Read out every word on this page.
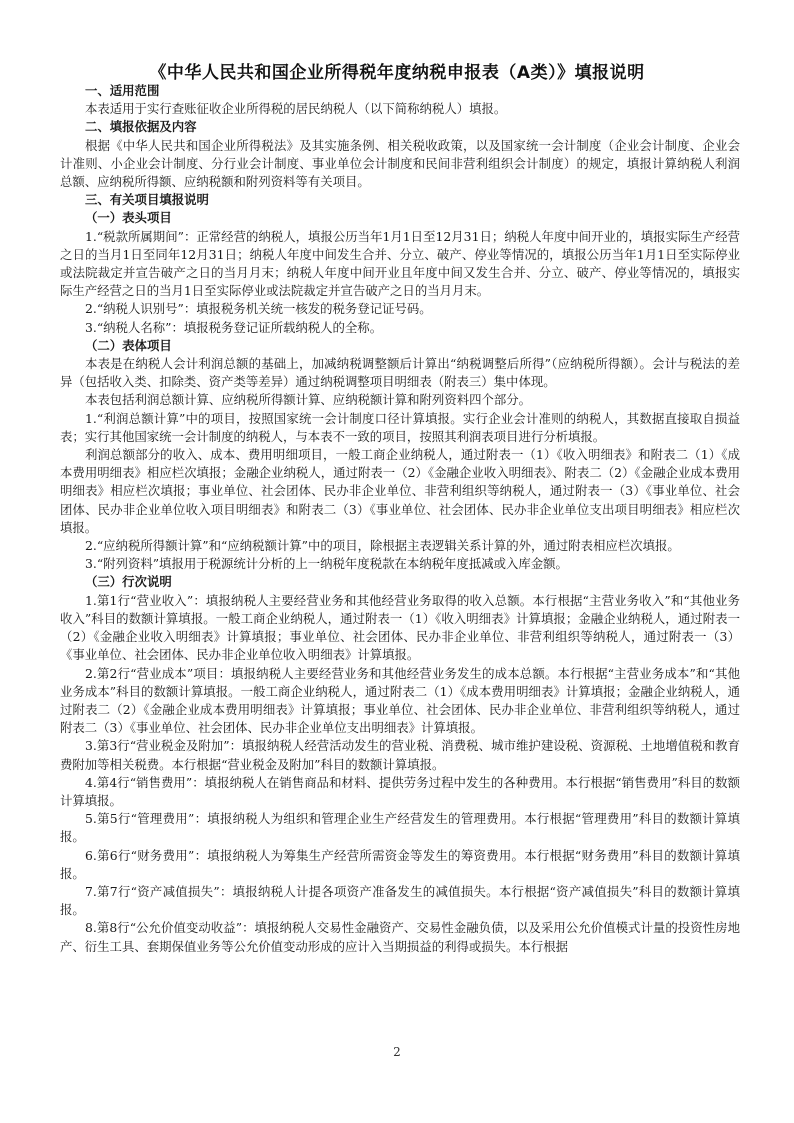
《中华人民共和国企业所得税年度纳税申报表（A类）》填报说明

一、适用范围

本表适用于实行查账征收企业所得税的居民纳税人（以下简称纳税人）填报。

二、填报依据及内容

根据《中华人民共和国企业所得税法》及其实施条例、相关税收政策，以及国家统一会计制度（企业会计制度、企业会计准则、小企业会计制度、分行业会计制度、事业单位会计制度和民间非营利组织会计制度）的规定，填报计算纳税人利润总额、应纳税所得额、应纳税额和附列资料等有关项目。

三、有关项目填报说明

（一）表头项目

1.“税款所属期间”：正常经营的纳税人，填报公历当年1月1日至12月31日；纳税人年度中间开业的，填报实际生产经营之日的当月1日至同年12月31日；纳税人年度中间发生合并、分立、破产、停业等情况的，填报公历当年1月1日至实际停业或法院裁定并宣告破产之日的当月月末；纳税人年度中间开业且年度中间又发生合并、分立、破产、停业等情况的，填报实际生产经营之日的当月1日至实际停业或法院裁定并宣告破产之日的当月月末。

2.“纳税人识别号”：填报税务机关统一核发的税务登记证号码。

3.“纳税人名称”：填报税务登记证所载纳税人的全称。

（二）表体项目

本表是在纳税人会计利润总额的基础上，加减纳税调整额后计算出“纳税调整后所得”（应纳税所得额）。会计与税法的差异（包括收入类、扣除类、资产类等差异）通过纳税调整项目明细表（附表三）集中体现。

本表包括利润总额计算、应纳税所得额计算、应纳税额计算和附列资料四个部分。

1.“利润总额计算”中的项目，按照国家统一会计制度口径计算填报。实行企业会计准则的纳税人，其数据直接取自损益表；实行其他国家统一会计制度的纳税人，与本表不一致的项目，按照其利润表项目进行分析填报。

利润总额部分的收入、成本、费用明细项目，一般工商企业纳税人，通过附表一（1）《收入明细表》和附表二（1）《成本费用明细表》相应栏次填报；金融企业纳税人，通过附表一（2）《金融企业收入明细表》、附表二（2）《金融企业成本费用明细表》相应栏次填报；事业单位、社会团体、民办非企业单位、非营利组织等纳税人，通过附表一（3）《事业单位、社会团体、民办非企业单位收入项目明细表》和附表二（3）《事业单位、社会团体、民办非企业单位支出项目明细表》相应栏次填报。

2.“应纳税所得额计算”和“应纳税额计算”中的项目，除根据主表逻辑关系计算的外，通过附表相应栏次填报。

3.“附列资料”填报用于税源统计分析的上一纳税年度税款在本纳税年度抵减或入库金额。

（三）行次说明

1.第1行“营业收入”：填报纳税人主要经营业务和其他经营业务取得的收入总额。本行根据“主营业务收入”和“其他业务收入”科目的数额计算填报。一般工商企业纳税人，通过附表一（1）《收入明细表》计算填报；金融企业纳税人，通过附表一（2）《金融企业收入明细表》计算填报；事业单位、社会团体、民办非企业单位、非营利组织等纳税人，通过附表一（3）《事业单位、社会团体、民办非企业单位收入明细表》计算填报。

2.第2行“营业成本”项目：填报纳税人主要经营业务和其他经营业务发生的成本总额。本行根据“主营业务成本”和“其他业务成本”科目的数额计算填报。一般工商企业纳税人，通过附表二（1）《成本费用明细表》计算填报；金融企业纳税人，通过附表二（2）《金融企业成本费用明细表》计算填报；事业单位、社会团体、民办非企业单位、非营利组织等纳税人，通过附表二（3）《事业单位、社会团体、民办非企业单位支出明细表》计算填报。

3.第3行“营业税金及附加”：填报纳税人经营活动发生的营业税、消费税、城市维护建设税、资源税、土地增值税和教育费附加等相关税费。本行根据“营业税金及附加”科目的数额计算填报。

4.第4行“销售费用”：填报纳税人在销售商品和材料、提供劳务过程中发生的各种费用。本行根据“销售费用”科目的数额计算填报。

5.第5行“管理费用”：填报纳税人为组织和管理企业生产经营发生的管理费用。本行根据“管理费用”科目的数额计算填报。

6.第6行“财务费用”：填报纳税人为筹集生产经营所需资金等发生的筹资费用。本行根据“财务费用”科目的数额计算填报。

7.第7行“资产减值损失”：填报纳税人计提各项资产准备发生的减值损失。本行根据“资产减值损失”科目的数额计算填报。

8.第8行“公允价值变动收益”：填报纳税人交易性金融资产、交易性金融负债，以及采用公允价值模式计量的投资性房地产、衍生工具、套期保值业务等公允价值变动形成的应计入当期损益的利得或损失。本行根据

2
